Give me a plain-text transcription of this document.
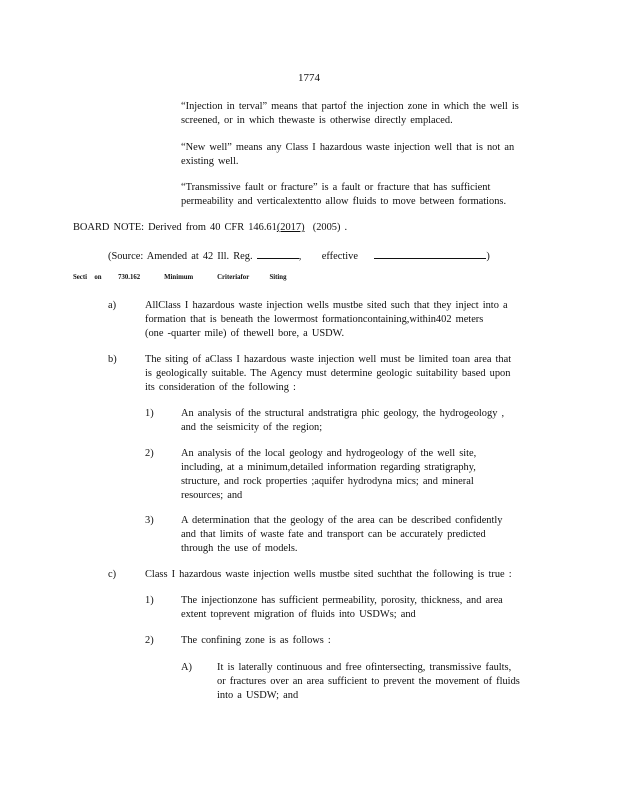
1774
“Injection in terval” means that partof the injection zone in which the well is
screened, or in which thewaste is otherwise directly emplaced.
“New well” means any Class I hazardous waste injection well that is not an
existing well.
“Transmissive fault or fracture” is a fault or fracture that has sufficient
permeability and verticalextentto allow fluids to move between formations.
BOARD NOTE: Derived from 40 CFR 146.61(2017) (2005) .
(Source: Amended at 42 Ill. Reg.	,     effective	)
Secti on 730.162	Minimum	Criteriafor	Siting
a)	AllClass I hazardous waste injection wells mustbe sited such that they inject into a
formation that is beneath the lowermost formationcontaining,within402 meters
(one -quarter mile) of thewell bore, a USDW.
b)	The siting of aClass I hazardous waste injection well must be limited toan area that
is geologically suitable. The Agency must determine geologic suitability based upon
its consideration of the following :
1)	An analysis of the structural andstratigra phic geology, the hydrogeology ,
and the seismicity of the region;
2)	An analysis of the local geology and hydrogeology of the well site,
including, at a minimum,detailed information regarding stratigraphy,
structure, and rock properties ;aquifer hydrodyna mics; and mineral
resources; and
3)	A determination that the geology of the area can be described confidently
and that limits of waste fate and transport can be accurately predicted
through the use of models.
c)	Class I hazardous waste injection wells mustbe sited suchthat the following is true :
1)	The injectionzone has sufficient permeability, porosity, thickness, and area
extent toprevent migration of fluids into USDWs; and
2)	The confining zone is as follows :
A) It is laterally continuous and free ofintersecting, transmissive faults,
or fractures over an area sufficient to prevent the movement of fluids
into a USDW; and
